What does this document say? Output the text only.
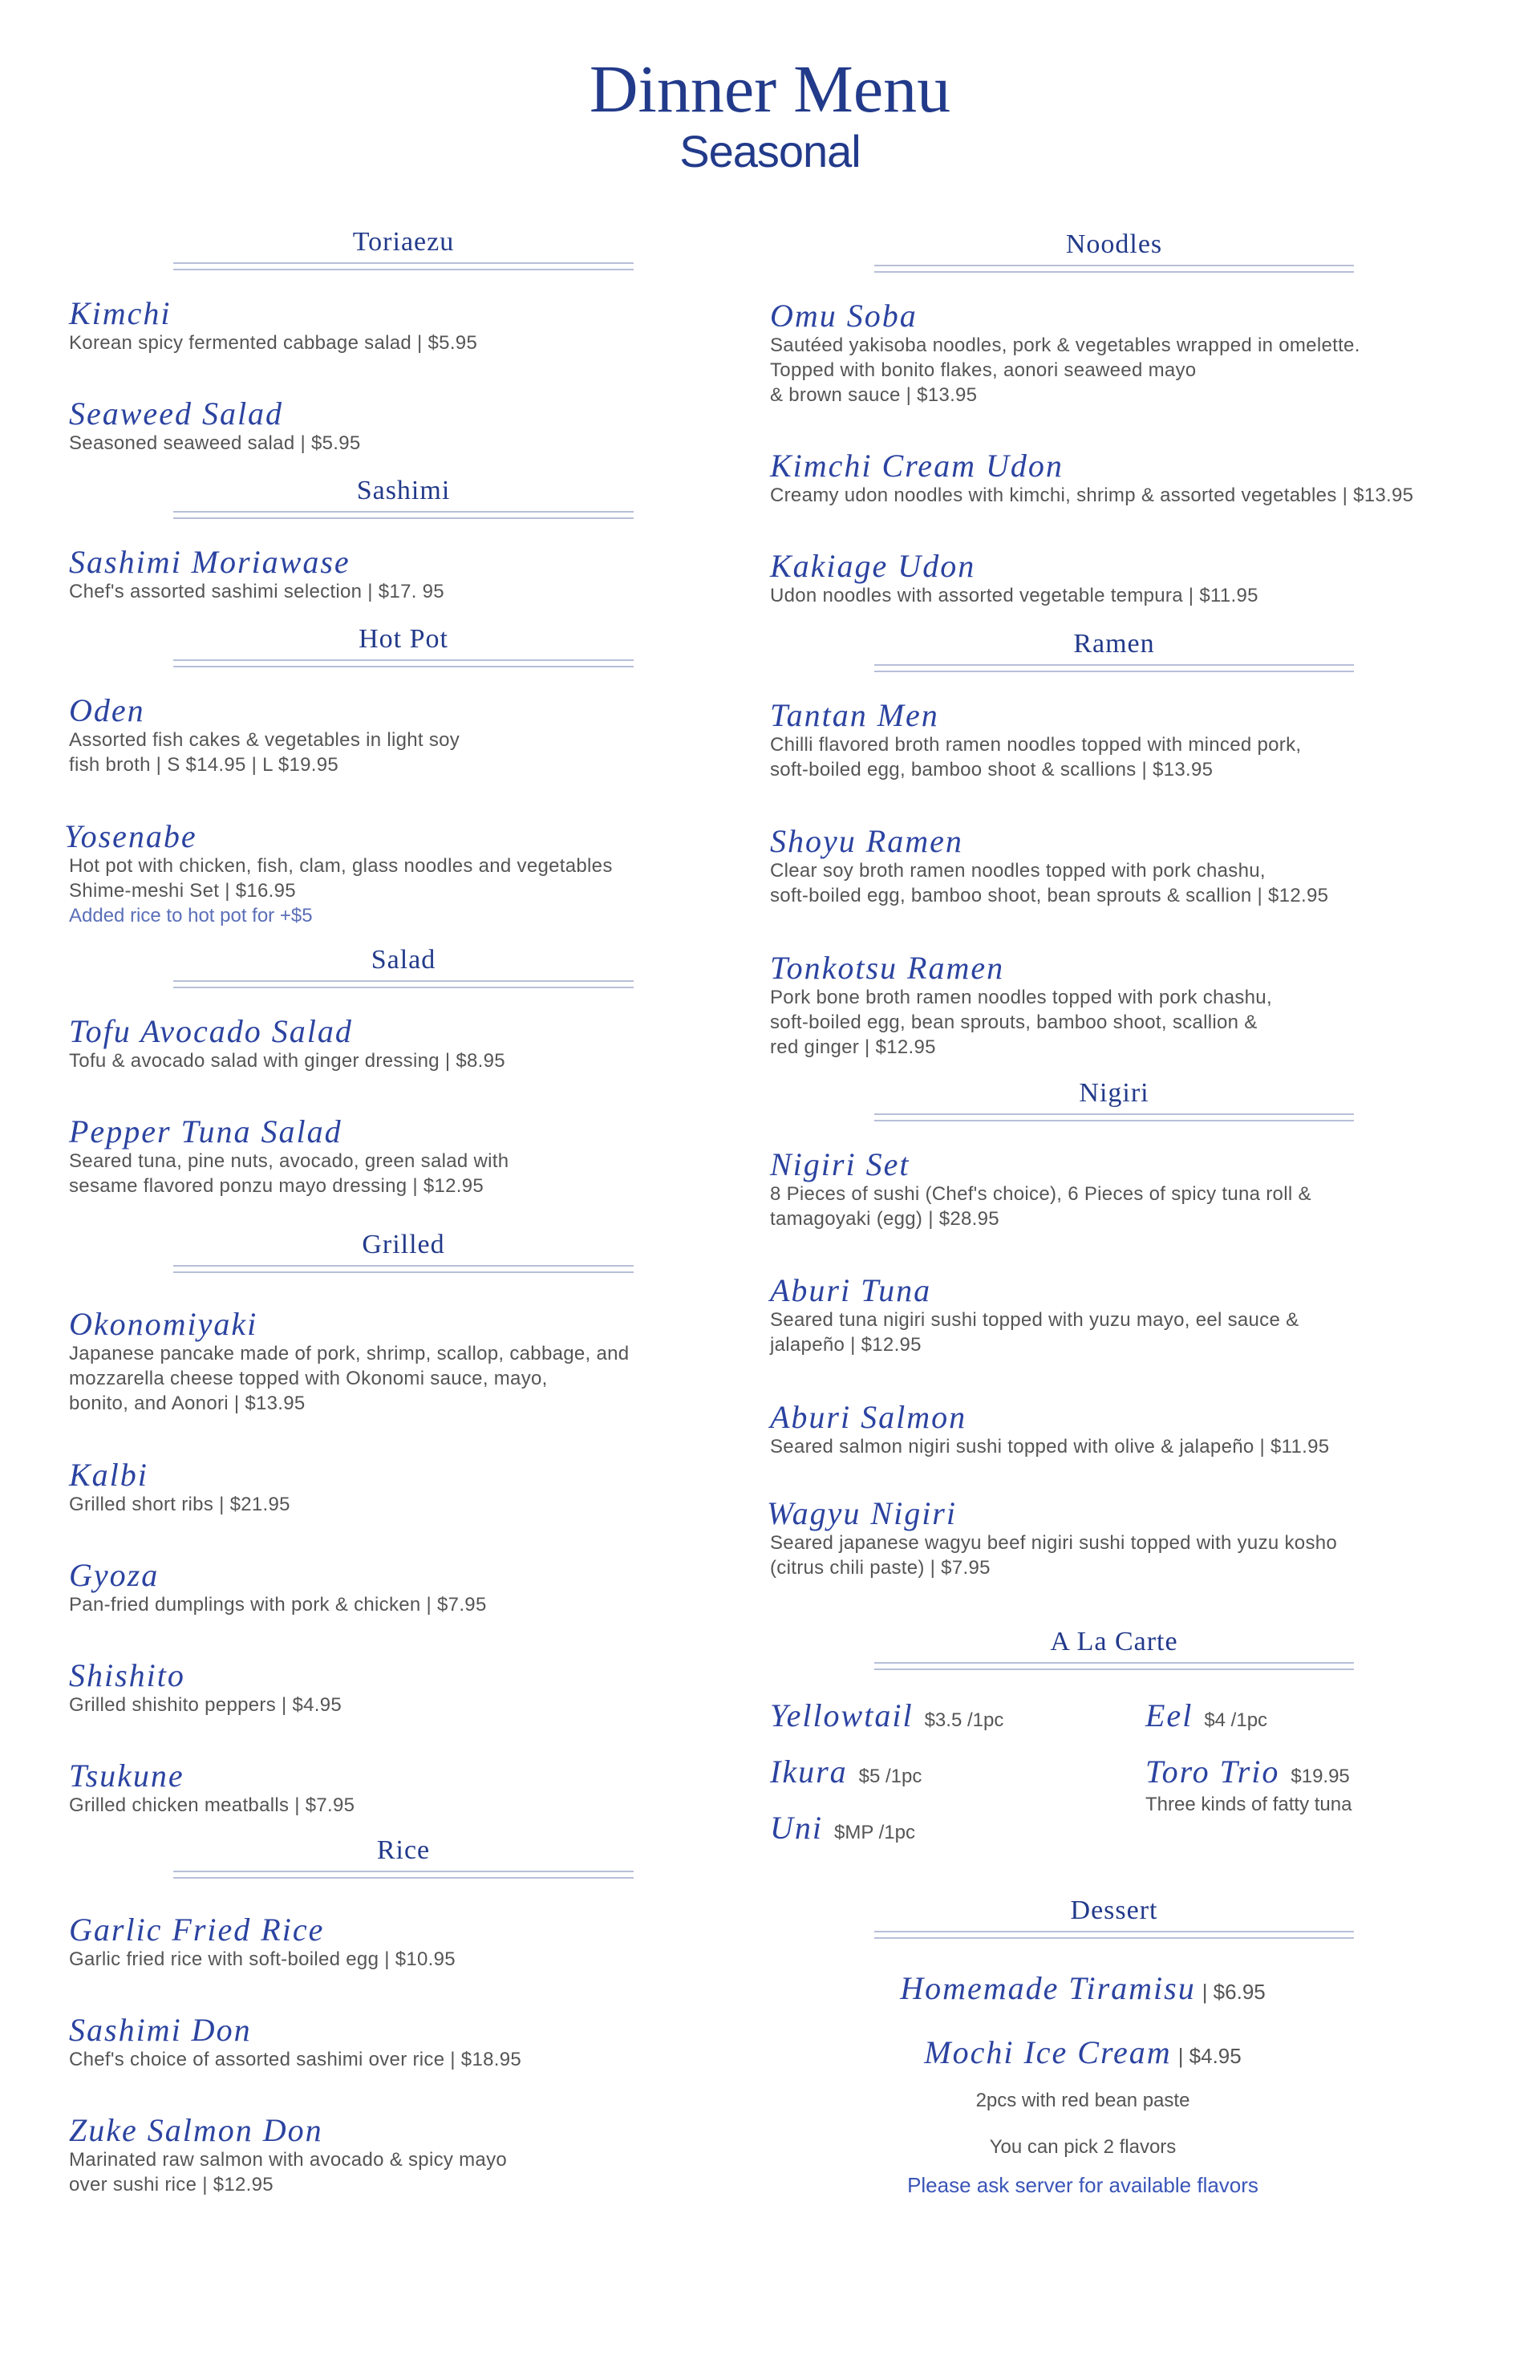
Dinner Menu
Seasonal
Toriaezu
Kimchi
Korean spicy fermented cabbage salad | $5.95
Seaweed Salad
Seasoned seaweed salad | $5.95
Sashimi
Sashimi Moriawase
Chef's assorted sashimi selection | $17. 95
Hot Pot
Oden
Assorted fish cakes & vegetables in light soy
fish broth | S $14.95 | L $19.95
Yosenabe
Hot pot with chicken, fish, clam, glass noodles and vegetables
Shime-meshi Set | $16.95
Added rice to hot pot for +$5
Salad
Tofu Avocado Salad
Tofu & avocado salad with ginger dressing | $8.95
Pepper Tuna Salad
Seared tuna, pine nuts, avocado, green salad with
sesame flavored ponzu mayo dressing | $12.95
Grilled
Okonomiyaki
Japanese pancake made of pork, shrimp, scallop, cabbage, and
mozzarella cheese topped with Okonomi sauce, mayo,
bonito, and Aonori | $13.95
Kalbi
Grilled short ribs | $21.95
Gyoza
Pan-fried dumplings with pork & chicken | $7.95
Shishito
Grilled shishito peppers | $4.95
Tsukune
Grilled chicken meatballs | $7.95
Rice
Garlic Fried Rice
Garlic fried rice with soft-boiled egg | $10.95
Sashimi Don
Chef's choice of assorted sashimi over rice | $18.95
Zuke Salmon Don
Marinated raw salmon with avocado & spicy mayo
over sushi rice | $12.95
Noodles
Omu Soba
Sautéed yakisoba noodles, pork & vegetables wrapped in omelette.
Topped with bonito flakes, aonori seaweed mayo
& brown sauce | $13.95
Kimchi Cream Udon
Creamy udon noodles with kimchi, shrimp & assorted vegetables | $13.95
Kakiage Udon
Udon noodles with assorted vegetable tempura | $11.95
Ramen
Tantan Men
Chilli flavored broth ramen noodles topped with minced pork,
soft-boiled egg, bamboo shoot & scallions | $13.95
Shoyu Ramen
Clear soy broth ramen noodles topped with pork chashu,
soft-boiled egg, bamboo shoot, bean sprouts & scallion | $12.95
Tonkotsu Ramen
Pork bone broth ramen noodles topped with pork chashu,
soft-boiled egg, bean sprouts, bamboo shoot, scallion &
red ginger | $12.95
Nigiri
Nigiri Set
8 Pieces of sushi (Chef's choice), 6 Pieces of spicy tuna roll &
tamagoyaki (egg) | $28.95
Aburi Tuna
Seared tuna nigiri sushi topped with yuzu mayo, eel sauce &
jalapeño | $12.95
Aburi Salmon
Seared salmon nigiri sushi topped with olive & jalapeño | $11.95
Wagyu Nigiri
Seared japanese wagyu beef nigiri sushi topped with yuzu kosho
(citrus chili paste) | $7.95
A La Carte
Yellowtail $3.5 /1pc	Eel $4 /1pc
Ikura $5 /1pc	Toro Trio $19.95
Three kinds of fatty tuna
Uni $MP /1pc
Dessert
Homemade Tiramisu | $6.95
Mochi Ice Cream | $4.95
2pcs with red bean paste
You can pick 2 flavors
Please ask server for available flavors
